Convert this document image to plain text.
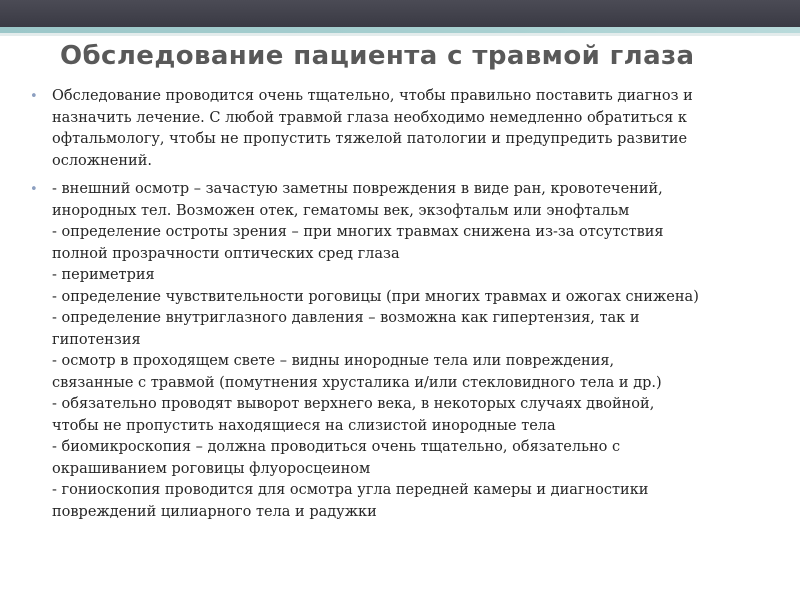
Обследование пациента с травмой глаза
• Обследование проводится очень тщательно, чтобы правильно поставить диагноз и
назначить лечение. С любой травмой глаза необходимо немедленно обратиться к
офтальмологу, чтобы не пропустить тяжелой патологии и предупредить развитие
осложнений.
• - внешний осмотр – зачастую заметны повреждения в виде ран, кровотечений,
инородных тел. Возможен отек, гематомы век, экзофтальм или энофтальм
- определение остроты зрения – при многих травмах снижена из-за отсутствия
полной прозрачности оптических сред глаза
- периметрия
- определение чувствительности роговицы (при многих травмах и ожогах снижена)
- определение внутриглазного давления – возможна как гипертензия, так и
гипотензия
- осмотр в проходящем свете – видны инородные тела или повреждения,
связанные с травмой (помутнения хрусталика и/или стекловидного тела и др.)
- обязательно проводят выворот верхнего века, в некоторых случаях двойной,
чтобы не пропустить находящиеся на слизистой инородные тела
- биомикроскопия – должна проводиться очень тщательно, обязательно с
окрашиванием роговицы флуоросцеином
- гониоскопия проводится для осмотра угла передней камеры и диагностики
повреждений цилиарного тела и радужки
